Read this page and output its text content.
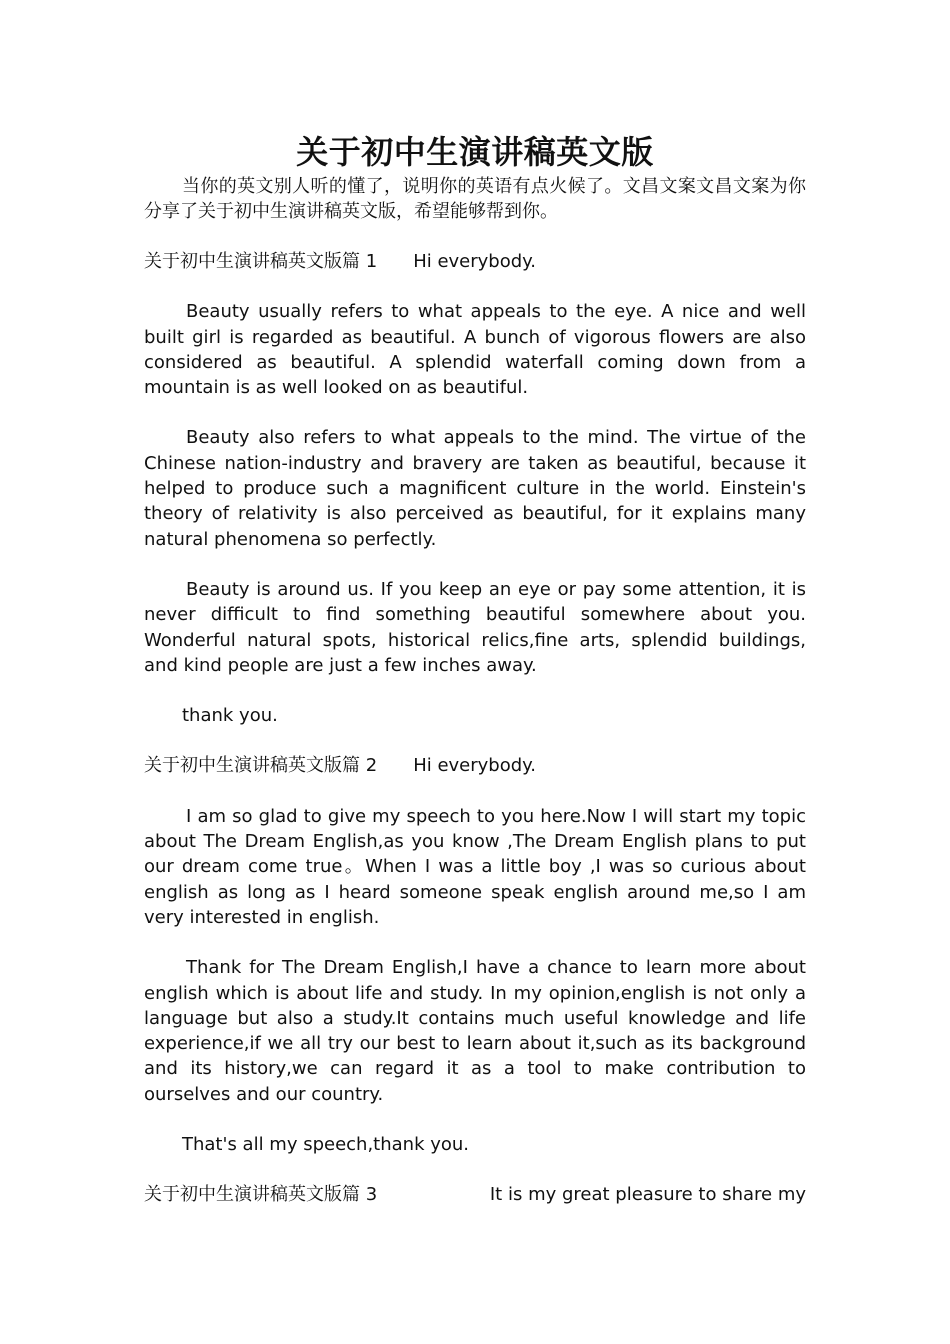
关于初中生演讲稿英文版

当你的英文别人听的懂了，说明你的英语有点火候了。文昌文案文昌文案为你分享了关于初中生演讲稿英文版，希望能够帮到你。

关于初中生演讲稿英文版篇 1 Hi everybody.

Beauty usually refers to what appeals to the eye. A nice and well built girl is regarded as beautiful. A bunch of vigorous flowers are also considered as beautiful. A splendid waterfall coming down from a mountain is as well looked on as beautiful.

Beauty also refers to what appeals to the mind. The virtue of the Chinese nation-industry and bravery are taken as beautiful, because it helped to produce such a magnificent culture in the world. Einstein's theory of relativity is also perceived as beautiful, for it explains many natural phenomena so perfectly.

Beauty is around us. If you keep an eye or pay some attention, it is never difficult to find something beautiful somewhere about you. Wonderful natural spots, historical relics,fine arts, splendid buildings, and kind people are just a few inches away.

thank you.

关于初中生演讲稿英文版篇 2 Hi everybody.

I am so glad to give my speech to you here.Now I will start my topic about The Dream English,as you know ,The Dream English plans to put our dream come true。When I was a little boy ,I was so curious about english as long as I heard someone speak english around me,so I am very interested in english.

Thank for The Dream English,I have a chance to learn more about english which is about life and study. In my opinion,english is not only a language but also a study.It contains much useful knowledge and life experience,if we all try our best to learn about it,such as its background and its history,we can regard it as a tool to make contribution to ourselves and our country.

That's all my speech,thank you.

关于初中生演讲稿英文版篇 3	It is my great pleasure to share my
